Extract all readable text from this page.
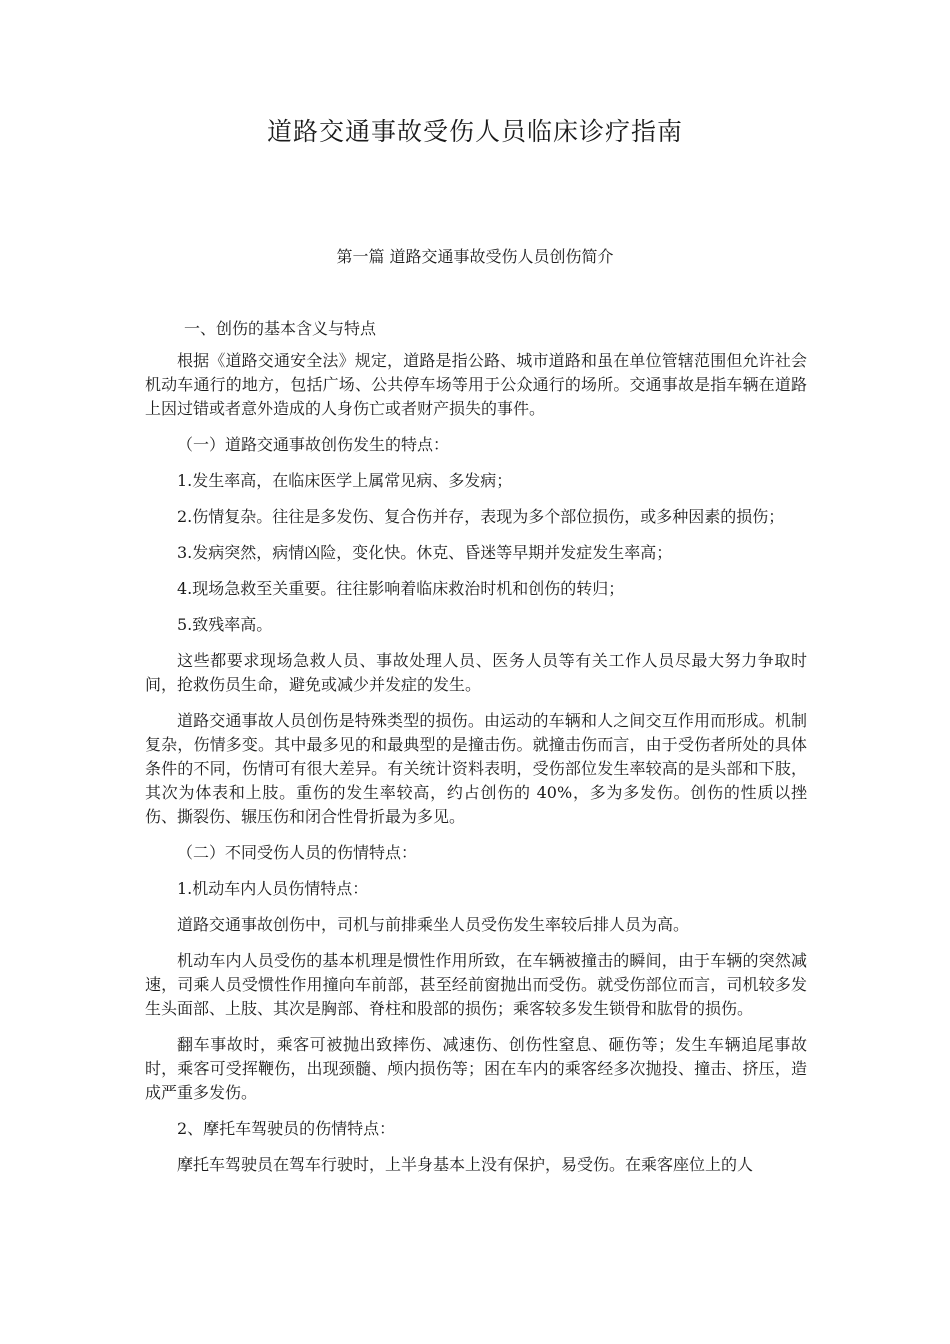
道路交通事故受伤人员临床诊疗指南
第一篇 道路交通事故受伤人员创伤简介
一、创伤的基本含义与特点

根据《道路交通安全法》规定，道路是指公路、城市道路和虽在单位管辖范围但允许社会机动车通行的地方，包括广场、公共停车场等用于公众通行的场所。交通事故是指车辆在道路上因过错或者意外造成的人身伤亡或者财产损失的事件。

（一）道路交通事故创伤发生的特点：

1.发生率高，在临床医学上属常见病、多发病；

2.伤情复杂。往往是多发伤、复合伤并存，表现为多个部位损伤，或多种因素的损伤；

3.发病突然，病情凶险，变化快。休克、昏迷等早期并发症发生率高；

4.现场急救至关重要。往往影响着临床救治时机和创伤的转归；

5.致残率高。

这些都要求现场急救人员、事故处理人员、医务人员等有关工作人员尽最大努力争取时间，抢救伤员生命，避免或减少并发症的发生。

道路交通事故人员创伤是特殊类型的损伤。由运动的车辆和人之间交互作用而形成。机制复杂，伤情多变。其中最多见的和最典型的是撞击伤。就撞击伤而言，由于受伤者所处的具体条件的不同，伤情可有很大差异。有关统计资料表明，受伤部位发生率较高的是头部和下肢，其次为体表和上肢。重伤的发生率较高，约占创伤的 40%，多为多发伤。创伤的性质以挫伤、撕裂伤、辗压伤和闭合性骨折最为多见。

（二）不同受伤人员的伤情特点：

1.机动车内人员伤情特点：

道路交通事故创伤中，司机与前排乘坐人员受伤发生率较后排人员为高。

机动车内人员受伤的基本机理是惯性作用所致，在车辆被撞击的瞬间，由于车辆的突然减速，司乘人员受惯性作用撞向车前部，甚至经前窗抛出而受伤。就受伤部位而言，司机较多发生头面部、上肢、其次是胸部、脊柱和股部的损伤；乘客较多发生锁骨和肱骨的损伤。

翻车事故时，乘客可被抛出致摔伤、减速伤、创伤性窒息、砸伤等；发生车辆追尾事故时，乘客可受挥鞭伤，出现颈髓、颅内损伤等；困在车内的乘客经多次抛投、撞击、挤压，造成严重多发伤。

2、摩托车驾驶员的伤情特点：

摩托车驾驶员在驾车行驶时，上半身基本上没有保护，易受伤。在乘客座位上的人
